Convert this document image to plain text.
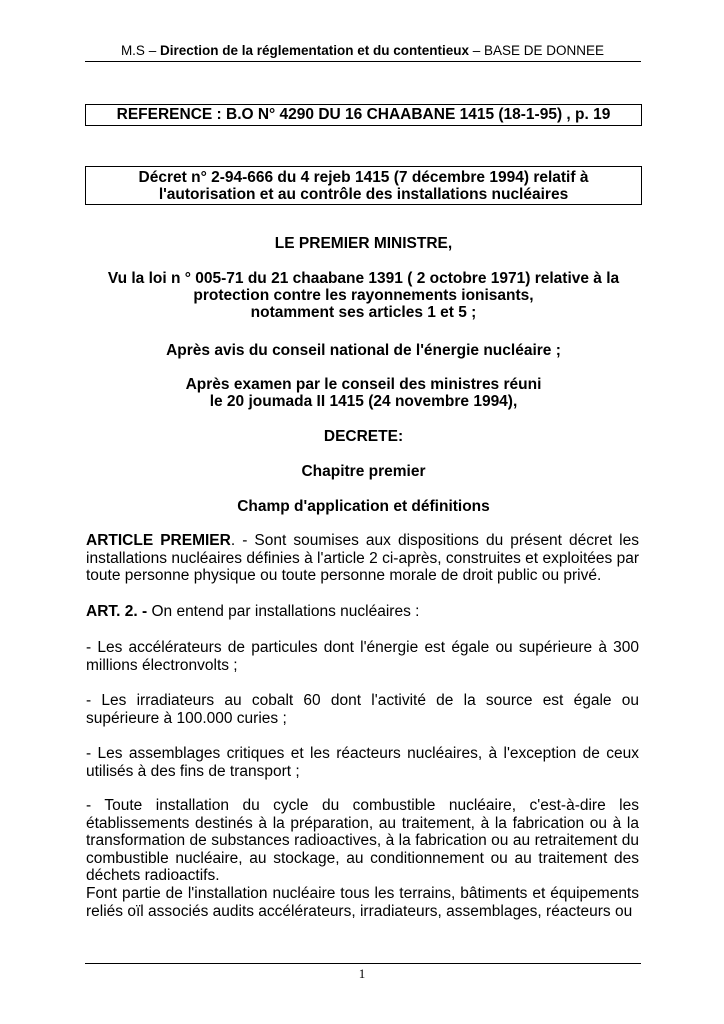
M.S – Direction de la réglementation et du contentieux – BASE DE DONNEE
REFERENCE : B.O N° 4290 DU 16 CHAABANE 1415 (18-1-95) , p. 19
Décret n° 2-94-666 du 4 rejeb 1415 (7 décembre 1994) relatif à
l'autorisation et au contrôle des installations nucléaires
LE PREMIER MINISTRE,
Vu la loi n ° 005-71 du 21 chaabane 1391 ( 2 octobre 1971) relative à la
protection contre les rayonnements ionisants,
notamment ses articles 1 et 5 ;
Après avis du conseil national de l'énergie nucléaire ;
Après examen par le conseil des ministres réuni
le 20 joumada II 1415 (24 novembre 1994),
DECRETE:
Chapitre premier
Champ d'application et définitions
ARTICLE PREMIER. - Sont soumises aux dispositions du présent décret les installations nucléaires définies à l'article 2 ci-après, construites et exploitées par toute personne physique ou toute personne morale de droit public ou privé.
ART. 2. - On entend par installations nucléaires :
- Les accélérateurs de particules dont l'énergie est égale ou supérieure à 300 millions électronvolts ;
- Les irradiateurs au cobalt 60 dont l'activité de la source est égale ou supérieure à 100.000 curies ;
- Les assemblages critiques et les réacteurs nucléaires, à l'exception de ceux utilisés à des fins de transport ;
- Toute installation du cycle du combustible nucléaire, c'est-à-dire les établissements destinés à la préparation, au traitement, à la fabrication ou à la transformation de substances radioactives, à la fabrication ou au retraitement du combustible nucléaire, au stockage, au conditionnement ou au traitement des déchets radioactifs.
Font partie de l'installation nucléaire tous les terrains, bâtiments et équipements reliés oïl associés audits accélérateurs, irradiateurs, assemblages, réacteurs ou
1
